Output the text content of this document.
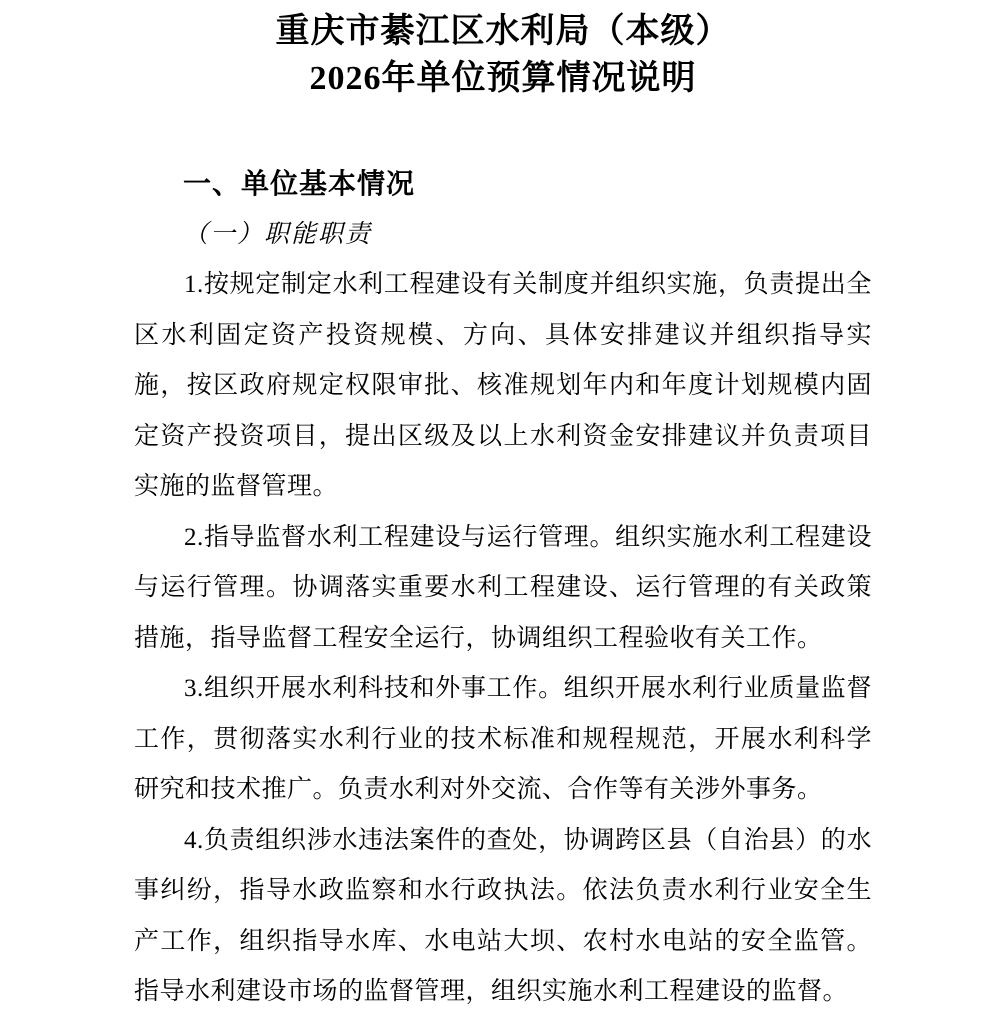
重庆市綦江区水利局（本级）
2026年单位预算情况说明
一、单位基本情况
（一）职能职责

1.按规定制定水利工程建设有关制度并组织实施，负责提出全区水利固定资产投资规模、方向、具体安排建议并组织指导实施，按区政府规定权限审批、核准规划年内和年度计划规模内固定资产投资项目，提出区级及以上水利资金安排建议并负责项目实施的监督管理。

2.指导监督水利工程建设与运行管理。组织实施水利工程建设与运行管理。协调落实重要水利工程建设、运行管理的有关政策措施，指导监督工程安全运行，协调组织工程验收有关工作。

3.组织开展水利科技和外事工作。组织开展水利行业质量监督工作，贯彻落实水利行业的技术标准和规程规范，开展水利科学研究和技术推广。负责水利对外交流、合作等有关涉外事务。

4.负责组织涉水违法案件的查处，协调跨区县（自治县）的水事纠纷，指导水政监察和水行政执法。依法负责水利行业安全生产工作，组织指导水库、水电站大坝、农村水电站的安全监管。指导水利建设市场的监督管理，组织实施水利工程建设的监督。
